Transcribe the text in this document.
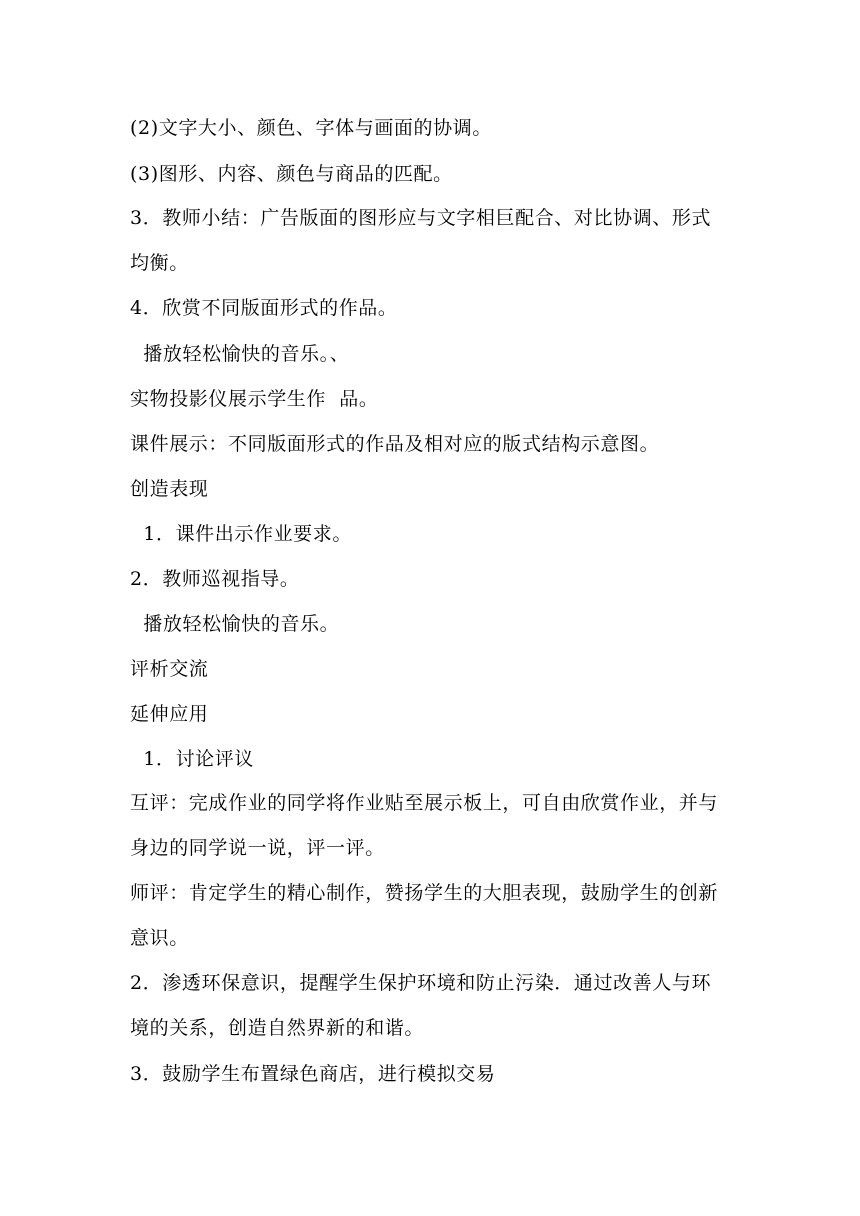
(2)文字大小、颜色、字体与画面的协调。
(3)图形、内容、颜色与商品的匹配。
3．教师小结：广告版面的图形应与文字相巨配合、对比协调、形式
均衡。
4．欣赏不同版面形式的作品。
播放轻松愉快的音乐。、
实物投影仪展示学生作  品。
课件展示：不同版面形式的作品及相对应的版式结构示意图。
创造表现
1．课件出示作业要求。
2．教师巡视指导。
播放轻松愉快的音乐。
评析交流
延伸应用
1．讨论评议
互评：完成作业的同学将作业贴至展示板上，可自由欣赏作业，并与
身边的同学说一说，评一评。
师评：肯定学生的精心制作，赞扬学生的大胆表现，鼓励学生的创新
意识。
2．渗透环保意识，提醒学生保护环境和防止污染．通过改善人与环
境的关系，创造自然界新的和谐。
3．鼓励学生布置绿色商店，进行模拟交易
